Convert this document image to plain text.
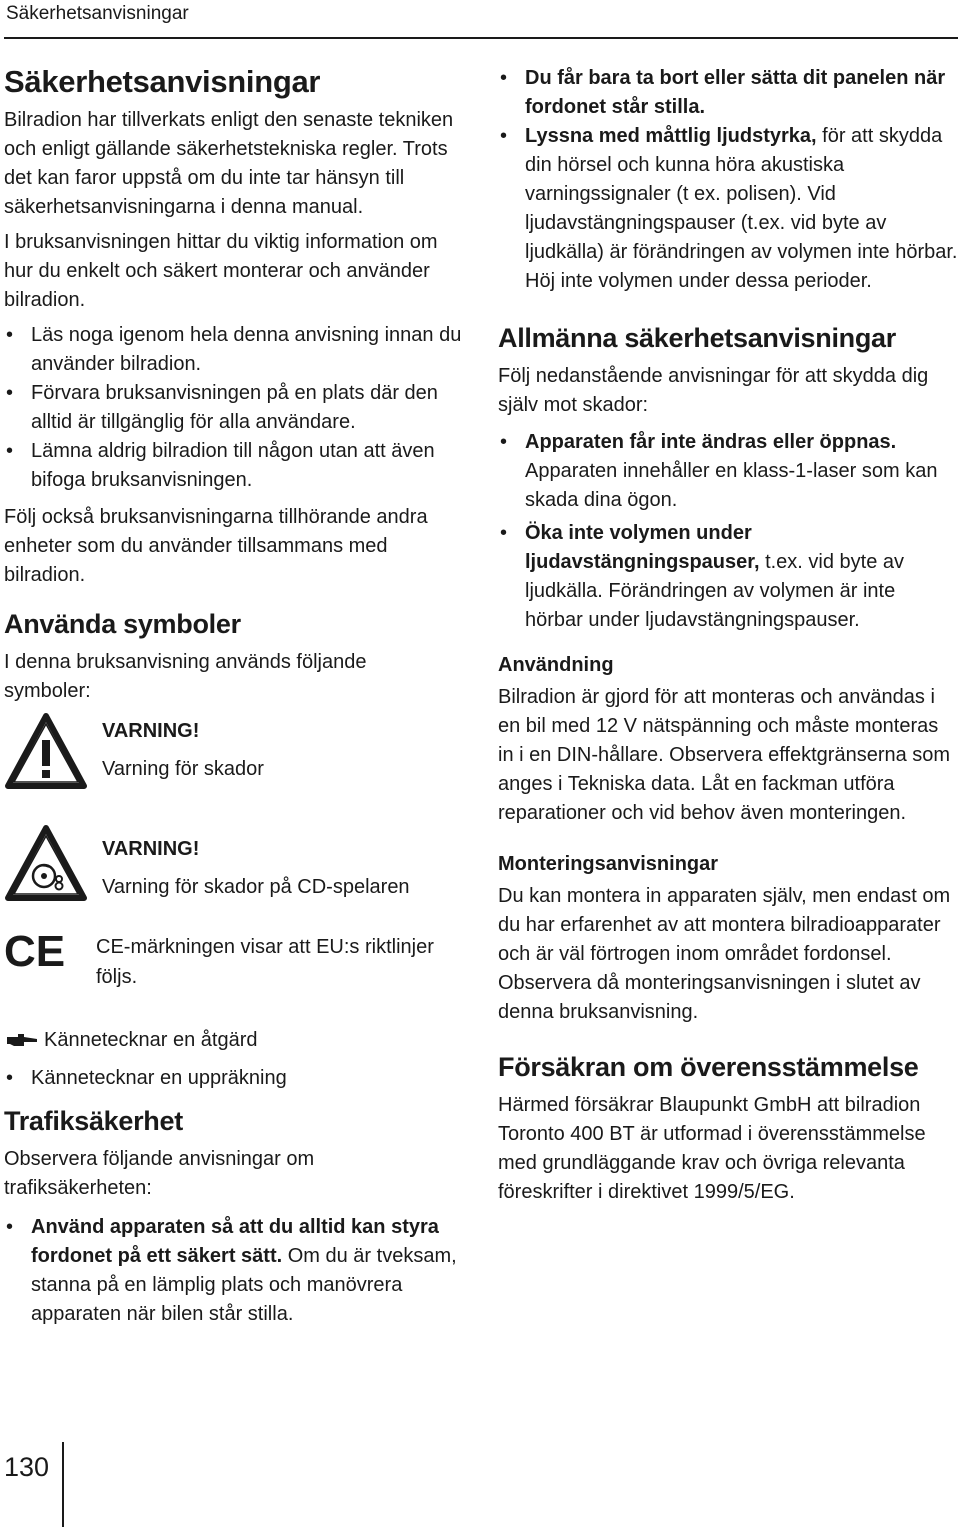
Säkerhetsanvisningar
Säkerhetsanvisningar

Bilradion har tillverkats enligt den senaste tekniken och enligt gällande säkerhetstekniska regler. Trots det kan faror uppstå om du inte tar hänsyn till säkerhetsanvisningarna i denna manual.

I bruksanvisningen hittar du viktig information om hur du enkelt och säkert monterar och använder bilradion.

• Läs noga igenom hela denna anvisning innan du använder bilradion.
• Förvara bruksanvisningen på en plats där den alltid är tillgänglig för alla användare.
• Lämna aldrig bilradion till någon utan att även bifoga bruksanvisningen.

Följ också bruksanvisningarna tillhörande andra enheter som du använder tillsammans med bilradion.

Använda symboler

I denna bruksanvisning används följande symboler:

VARNING!
Varning för skador
VARNING!
Varning för skador på CD-spelaren
CE CE-märkningen visar att EU:s riktlinjer följs.

Kännetecknar en åtgärd
• Kännetecknar en uppräkning
Trafiksäkerhet

Observera följande anvisningar om trafiksäkerheten:

• Använd apparaten så att du alltid kan styra fordonet på ett säkert sätt. Om du är tveksam, stanna på en lämplig plats och manövrera apparaten när bilen står stilla.
• Du får bara ta bort eller sätta dit panelen när fordonet står stilla.
• Lyssna med måttlig ljudstyrka, för att skydda din hörsel och kunna höra akustiska varningssignaler (t ex. polisen). Vid ljudavstängningspauser (t.ex. vid byte av ljudkälla) är förändringen av volymen inte hörbar. Höj inte volymen under dessa perioder.
Allmänna säkerhetsanvisningar

Följ nedanstående anvisningar för att skydda dig själv mot skador:

• Apparaten får inte ändras eller öppnas. Apparaten innehåller en klass-1-laser som kan skada dina ögon.
• Öka inte volymen under ljudavstängningspauser, t.ex. vid byte av ljudkälla. Förändringen av volymen är inte hörbar under ljudavstängningspauser.
Användning

Bilradion är gjord för att monteras och användas i en bil med 12 V nätspänning och måste monteras in i en DIN-hållare. Observera effektgränserna som anges i Tekniska data. Låt en fackman utföra reparationer och vid behov även monteringen.

Monteringsanvisningar

Du kan montera in apparaten själv, men endast om du har erfarenhet av att montera bilradioapparater och är väl förtrogen inom området fordonsel. Observera då monteringsanvisningen i slutet av denna bruksanvisning.

Försäkran om överensstämmelse

Härmed försäkrar Blaupunkt GmbH att bilradion Toronto 400 BT är utformad i överensstämmelse med grundläggande krav och övriga relevanta föreskrifter i direktivet 1999/5/EG.

130
